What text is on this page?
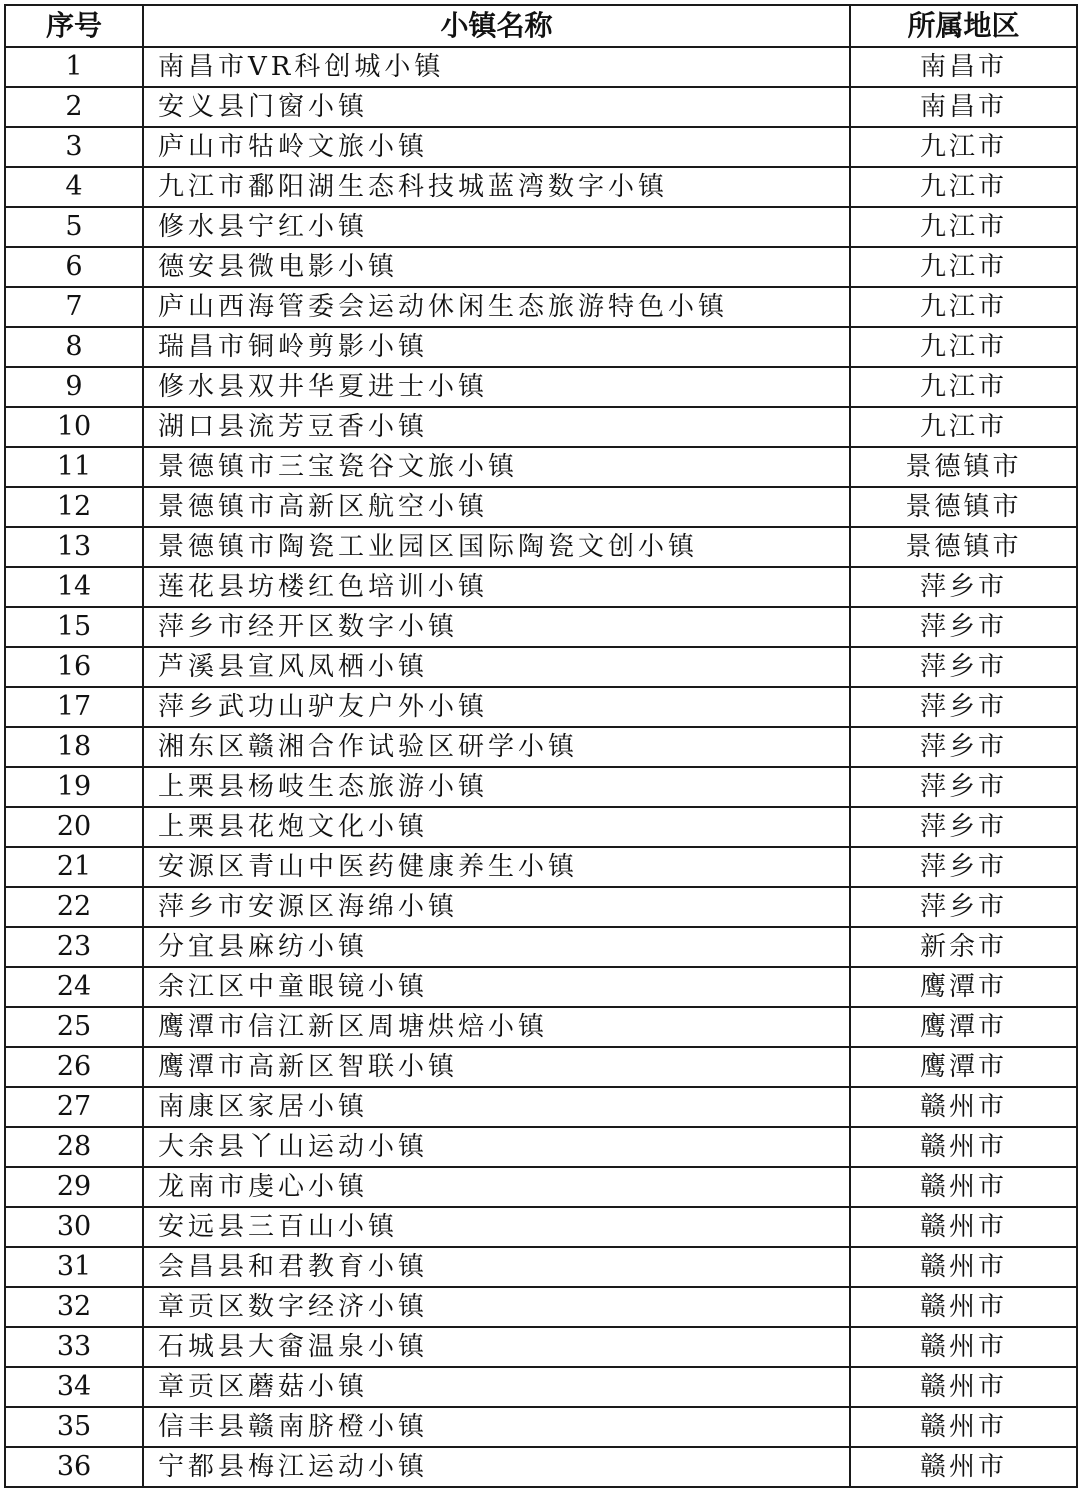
序号	小镇名称	所属地区
1	南昌市VR科创城小镇	南昌市
2	安义县门窗小镇	南昌市
3	庐山市牯岭文旅小镇	九江市
4	九江市鄱阳湖生态科技城蓝湾数字小镇	九江市
5	修水县宁红小镇	九江市
6	德安县微电影小镇	九江市
7	庐山西海管委会运动休闲生态旅游特色小镇	九江市
8	瑞昌市铜岭剪影小镇	九江市
9	修水县双井华夏进士小镇	九江市
10	湖口县流芳豆香小镇	九江市
11	景德镇市三宝瓷谷文旅小镇	景德镇市
12	景德镇市高新区航空小镇	景德镇市
13	景德镇市陶瓷工业园区国际陶瓷文创小镇	景德镇市
14	莲花县坊楼红色培训小镇	萍乡市
15	萍乡市经开区数字小镇	萍乡市
16	芦溪县宣风凤栖小镇	萍乡市
17	萍乡武功山驴友户外小镇	萍乡市
18	湘东区赣湘合作试验区研学小镇	萍乡市
19	上栗县杨岐生态旅游小镇	萍乡市
20	上栗县花炮文化小镇	萍乡市
21	安源区青山中医药健康养生小镇	萍乡市
22	萍乡市安源区海绵小镇	萍乡市
23	分宜县麻纺小镇	新余市
24	余江区中童眼镜小镇	鹰潭市
25	鹰潭市信江新区周塘烘焙小镇	鹰潭市
26	鹰潭市高新区智联小镇	鹰潭市
27	南康区家居小镇	赣州市
28	大余县丫山运动小镇	赣州市
29	龙南市虔心小镇	赣州市
30	安远县三百山小镇	赣州市
31	会昌县和君教育小镇	赣州市
32	章贡区数字经济小镇	赣州市
33	石城县大畲温泉小镇	赣州市
34	章贡区蘑菇小镇	赣州市
35	信丰县赣南脐橙小镇	赣州市
36	宁都县梅江运动小镇	赣州市
